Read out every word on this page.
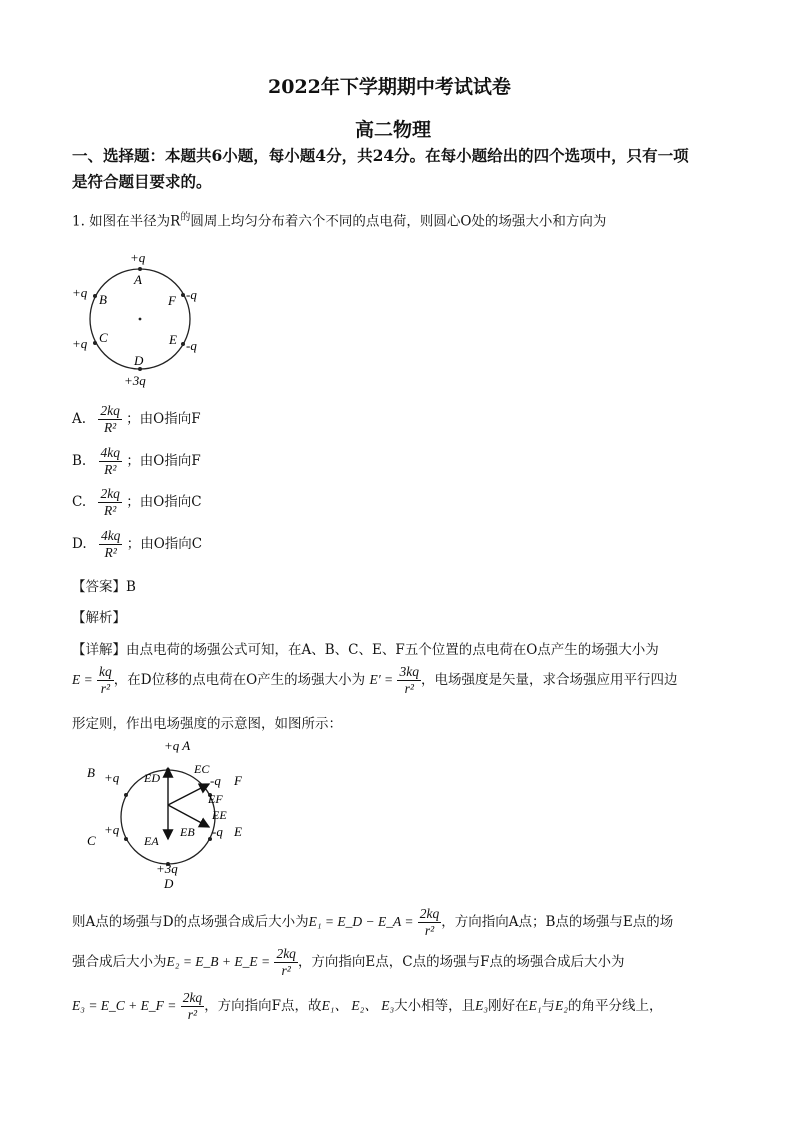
2022年下学期期中考试试卷
高二物理
一、选择题：本题共6小题，每小题4分，共24分。在每小题给出的四个选项中，只有一项
是符合题目要求的。
1. 如图在半径为$R^的$圆周上均匀分布着六个不同的点电荷，则圆心O处的场强大小和方向为
+q
A
+q B	F -q
+q C	E -q
D
+3q
A. $\frac{2kq}{\text{R²}}$ ；由O指向F
B. $\frac{4kq}{\text{R²}}$ ；由O指向F
C. $\frac{2kq}{\text{R²}}$ ；由O指向C
D. $\frac{4kq}{\text{R²}}$ ；由O指向C
【答案】B
【解析】
【详解】由点电荷的场强公式可知，在A、B、C、E、F五个位置的点电荷在O点产生的场强大小为
$E = \frac{kq}{\text{r²}}$ ，在D位移的点电荷在O产生的场强大小为 $E' = \frac{3kq}{\text{r²}}$ ，电场强度是矢量，求合场强应用平行四边
形定则，作出电场强度的示意图，如图所示：
+q A
B +q	-q F
C
+q	-q E
ED
EC
EF
EE
EB
EA
+3q
D
则A点的场强与D的点场强合成后大小为E₁ = E_D − E_A = $\frac{2kq}{\text{r²}}$ ，方向指向A点；B点的场强与E点的场
强合成后大小为E₂ = E_B + E_E = $\frac{2kq}{\text{r²}}$ ，方向指向E点，C点的场强与F点的场强合成后大小为
E₃ = E_C + E_F = $\frac{2kq}{\text{r²}}$ ，方向指向F点，故E₁、 E₂、 E₃大小相等，且E₃刚好在E₁与E₂的角平分线上，
